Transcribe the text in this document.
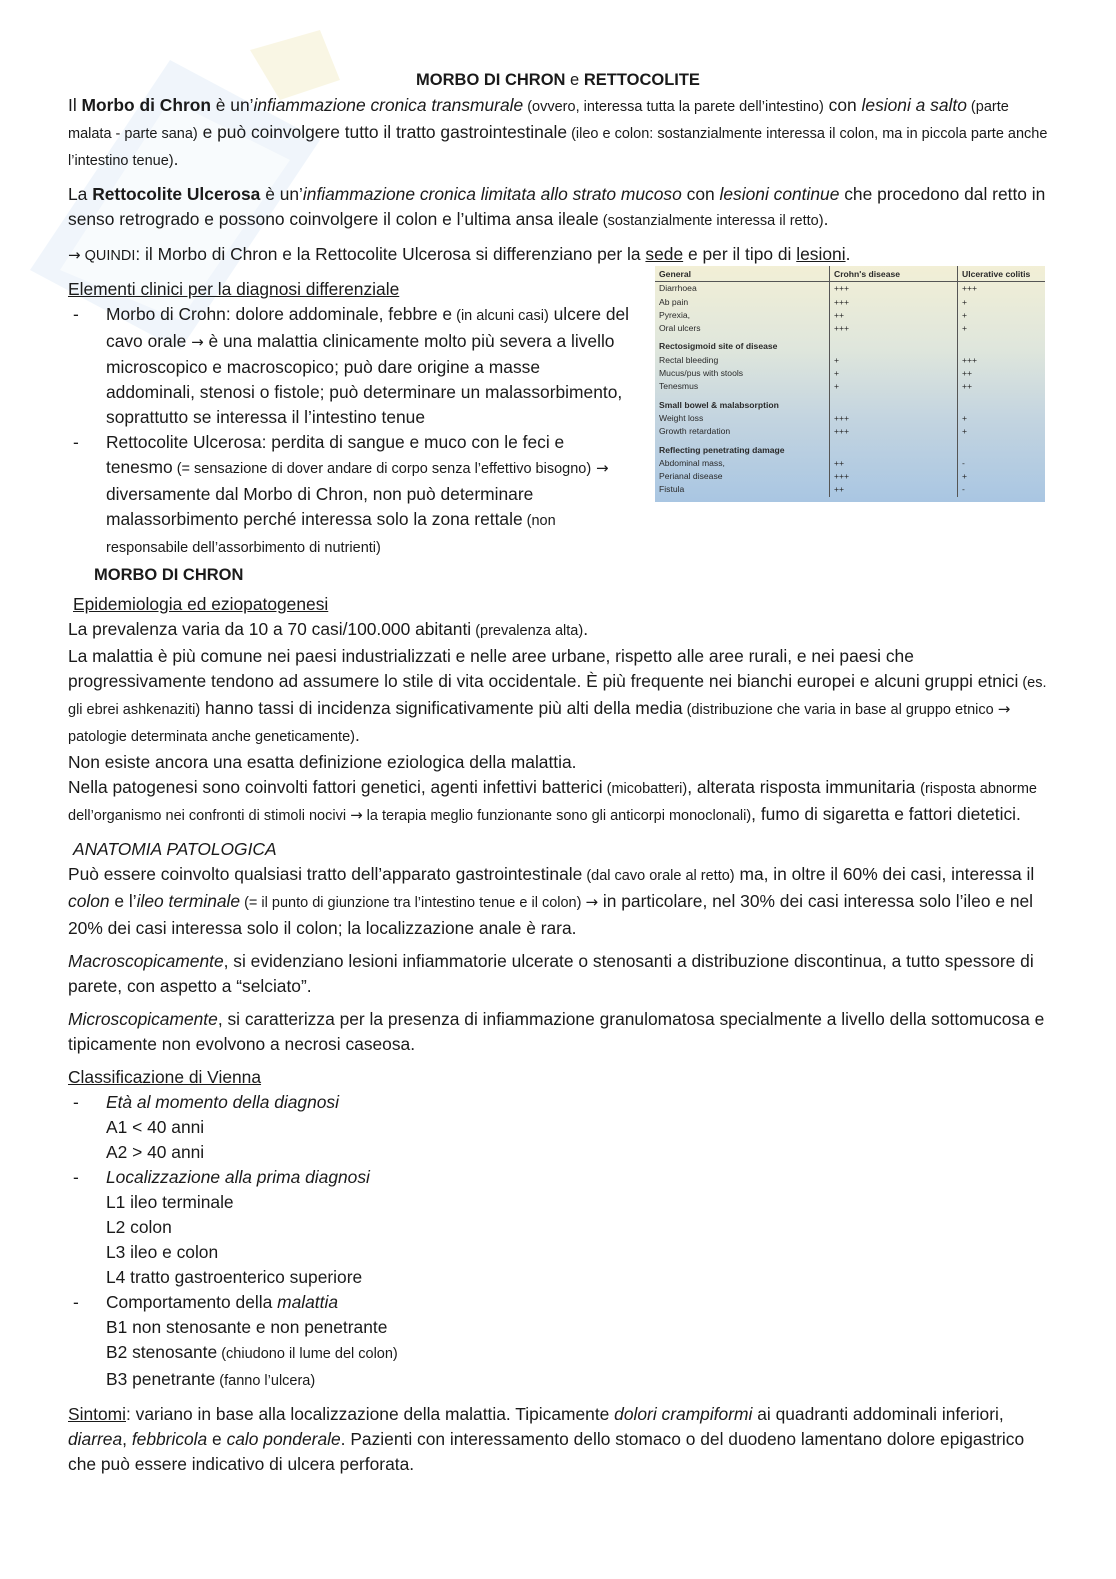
MORBO DI CHRON e RETTOCOLITE

Il Morbo di Chron è un’infiammazione cronica transmurale (ovvero, interessa tutta la parete dell’intestino) con lesioni a salto (parte malata - parte sana) e può coinvolgere tutto il tratto gastrointestinale (ileo e colon: sostanzialmente interessa il colon, ma in piccola parte anche l’intestino tenue).

La Rettocolite Ulcerosa è un’infiammazione cronica limitata allo strato mucoso con lesioni continue che procedono dal retto in senso retrogrado e possono coinvolgere il colon e l’ultima ansa ileale (sostanzialmente interessa il retto).

→ QUINDI: il Morbo di Chron e la Rettocolite Ulcerosa si differenziano per la sede e per il tipo di lesioni.

Elementi clinici per la diagnosi differenziale
- Morbo di Crohn: dolore addominale, febbre e (in alcuni casi) ulcere del cavo orale → è una malattia clinicamente molto più severa a livello microscopico e macroscopico; può dare origine a masse addominali, stenosi o fistole; può determinare un malassorbimento, soprattutto se interessa il l’intestino tenue
- Rettocolite Ulcerosa: perdita di sangue e muco con le feci e tenesmo (= sensazione di dover andare di corpo senza l’effettivo bisogno) → diversamente dal Morbo di Chron, non può determinare malassorbimento perché interessa solo la zona rettale (non responsabile dell’assorbimento di nutrienti)
General	Crohn's disease	Ulcerative colitis
Diarrhoea	+++	+++
Ab pain	+++	+
Pyrexia,	++	+
Oral ulcers	+++	+
Rectosigmoid site of disease		
Rectal bleeding	+	+++
Mucus/pus with stools	+	++
Tenesmus	+	++
Small bowel & malabsorption		
Weight loss	+++	+
Growth retardation	+++	+
Reflecting penetrating damage		
Abdominal mass,	++	-
Perianal disease	+++	+
Fistula	++	-
MORBO DI CHRON
Epidemiologia ed eziopatogenesi
La prevalenza varia da 10 a 70 casi/100.000 abitanti (prevalenza alta).
La malattia è più comune nei paesi industrializzati e nelle aree urbane, rispetto alle aree rurali, e nei paesi che progressivamente tendono ad assumere lo stile di vita occidentale. È più frequente nei bianchi europei e alcuni gruppi etnici (es. gli ebrei ashkenaziti) hanno tassi di incidenza significativamente più alti della media (distribuzione che varia in base al gruppo etnico → patologie determinata anche geneticamente).
Non esiste ancora una esatta definizione eziologica della malattia.

Nella patogenesi sono coinvolti fattori genetici, agenti infettivi batterici (micobatteri), alterata risposta immunitaria (risposta abnorme dell’organismo nei confronti di stimoli nocivi → la terapia meglio funzionante sono gli anticorpi monoclonali), fumo di sigaretta e fattori dietetici.

ANATOMIA PATOLOGICA

Può essere coinvolto qualsiasi tratto dell’apparato gastrointestinale (dal cavo orale al retto) ma, in oltre il 60% dei casi, interessa il colon e l’ileo terminale (= il punto di giunzione tra l’intestino tenue e il colon) → in particolare, nel 30% dei casi interessa solo l’ileo e nel 20% dei casi interessa solo il colon; la localizzazione anale è rara.

Macroscopicamente, si evidenziano lesioni infiammatorie ulcerate o stenosanti a distribuzione discontinua, a tutto spessore di parete, con aspetto a “selciato”.

Microscopicamente, si caratterizza per la presenza di infiammazione granulomatosa specialmente a livello della sottomucosa e tipicamente non evolvono a necrosi caseosa.

Classificazione di Vienna
- Età al momento della diagnosi
A1 < 40 anni
A2 > 40 anni
- Localizzazione alla prima diagnosi
L1 ileo terminale
L2 colon
L3 ileo e colon
L4 tratto gastroenterico superiore
- Comportamento della malattia
B1 non stenosante e non penetrante
B2 stenosante (chiudono il lume del colon)
B3 penetrante (fanno l’ulcera)

Sintomi: variano in base alla localizzazione della malattia. Tipicamente dolori crampiformi ai quadranti addominali inferiori, diarrea, febbricola e calo ponderale. Pazienti con interessamento dello stomaco o del duodeno lamentano dolore epigastrico che può essere indicativo di ulcera perforata.
